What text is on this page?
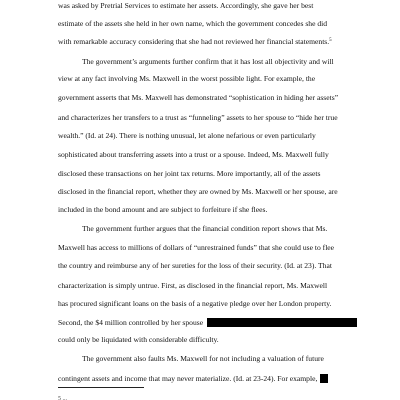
was asked by Pretrial Services to estimate her assets. Accordingly, she gave her best
estimate of the assets she held in her own name, which the government concedes she did
with remarkable accuracy considering that she had not reviewed her financial statements.$^5$
The government’s arguments further confirm that it has lost all objectivity and will
view at any fact involving Ms. Maxwell in the worst possible light. For example, the
government asserts that Ms. Maxwell has demonstrated “sophistication in hiding her assets”
and characterizes her transfers to a trust as “funneling” assets to her spouse to “hide her true
wealth.” (Id. at 24). There is nothing unusual, let alone nefarious or even particularly
sophisticated about transferring assets into a trust or a spouse. Indeed, Ms. Maxwell fully
disclosed these transactions on her joint tax returns. More importantly, all of the assets
disclosed in the financial report, whether they are owned by Ms. Maxwell or her spouse, are
included in the bond amount and are subject to forfeiture if she flees.
The government further argues that the financial condition report shows that Ms.
Maxwell has access to millions of dollars of “unrestrained funds” that she could use to flee
the country and reimburse any of her sureties for the loss of their security. (Id. at 23). That
characterization is simply untrue. First, as disclosed in the financial report, Ms. Maxwell
has procured significant loans on the basis of a negative pledge over her London property.
Second, the $4 million controlled by her spouse
could only be liquidated with considerable difficulty.
The government also faults Ms. Maxwell for not including a valuation of future
contingent assets and income that may never materialize. (Id. at 23-24). For example,
5 ...
